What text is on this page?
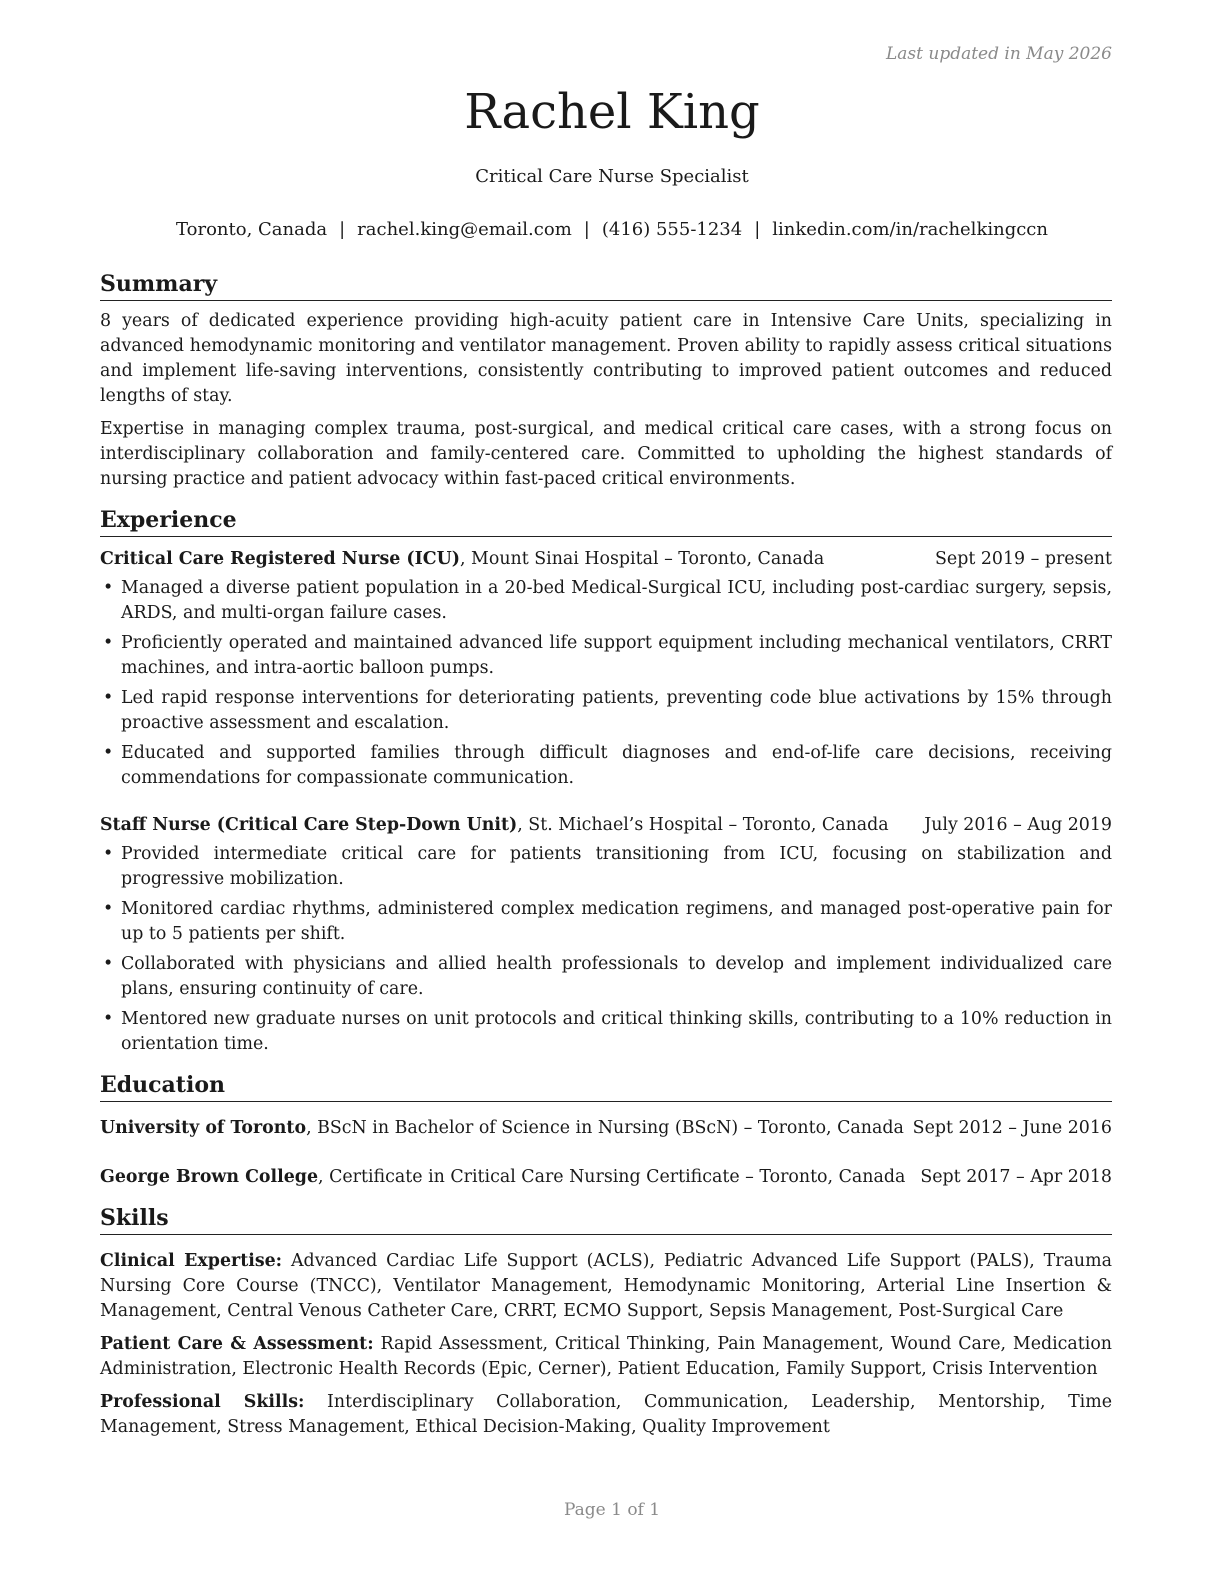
Last updated in May 2026
Rachel King
Critical Care Nurse Specialist
Toronto, Canada | rachel.king@email.com | (416) 555-1234 | linkedin.com/in/rachelkingccn
Summary

8 years of dedicated experience providing high-acuity patient care in Intensive Care Units, specializing in advanced hemodynamic monitoring and ventilator management. Proven ability to rapidly assess critical situations and implement life-saving interventions, consistently contributing to improved patient outcomes and reduced lengths of stay.

Expertise in managing complex trauma, post-surgical, and medical critical care cases, with a strong focus on interdisciplinary collaboration and family-centered care. Committed to upholding the highest standards of nursing practice and patient advocacy within fast-paced critical environments.

Experience
Critical Care Registered Nurse (ICU), Mount Sinai Hospital – Toronto, Canada	Sept 2019 – present
• Managed a diverse patient population in a 20-bed Medical-Surgical ICU, including post-cardiac surgery, sepsis, ARDS, and multi-organ failure cases.
• Proficiently operated and maintained advanced life support equipment including mechanical ventilators, CRRT machines, and intra-aortic balloon pumps.
• Led rapid response interventions for deteriorating patients, preventing code blue activations by 15% through proactive assessment and escalation.
• Educated and supported families through difficult diagnoses and end-of-life care decisions, receiving commendations for compassionate communication.
Staff Nurse (Critical Care Step-Down Unit), St. Michael’s Hospital – Toronto, Canada July 2016 – Aug 2019
• Provided intermediate critical care for patients transitioning from ICU, focusing on stabilization and progressive mobilization.
• Monitored cardiac rhythms, administered complex medication regimens, and managed post-operative pain for up to 5 patients per shift.
• Collaborated with physicians and allied health professionals to develop and implement individualized care plans, ensuring continuity of care.
• Mentored new graduate nurses on unit protocols and critical thinking skills, contributing to a 10% reduction in orientation time.
Education
University of Toronto, BScN in Bachelor of Science in Nursing (BScN) – Toronto, Canada Sept 2012 – June 2016
George Brown College, Certificate in Critical Care Nursing Certificate – Toronto, Canada Sept 2017 – Apr 2018
Skills
Clinical Expertise: Advanced Cardiac Life Support (ACLS), Pediatric Advanced Life Support (PALS), Trauma Nursing Core Course (TNCC), Ventilator Management, Hemodynamic Monitoring, Arterial Line Insertion & Management, Central Venous Catheter Care, CRRT, ECMO Support, Sepsis Management, Post-Surgical Care
Patient Care & Assessment: Rapid Assessment, Critical Thinking, Pain Management, Wound Care, Medication Administration, Electronic Health Records (Epic, Cerner), Patient Education, Family Support, Crisis Intervention
Professional Skills: Interdisciplinary Collaboration, Communication, Leadership, Mentorship, Time Management, Stress Management, Ethical Decision-Making, Quality Improvement
Page 1 of 1
